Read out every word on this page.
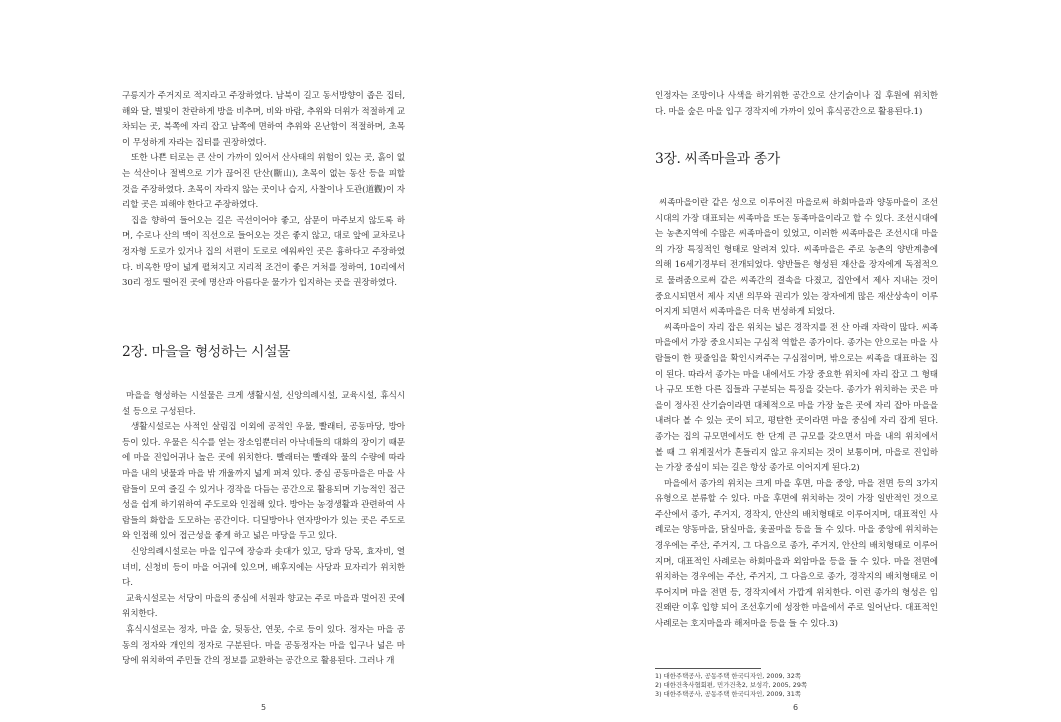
구릉지가 주거지로 적지라고 주장하였다. 남북이 길고 동서방향이 좁은 집터, 해와 달, 별빛이 찬란하게 방을 비추며, 비와 바람, 추위와 더위가 적절하게 교차되는 곳, 북쪽에 자리 잡고 남쪽에 면하여 추위와 온난함이 적절하며, 초목이 무성하게 자라는 집터를 권장하였다.

또한 나쁜 터로는 큰 산이 가까이 있어서 산사태의 위험이 있는 곳, 흙이 없는 석산이나 절벽으로 기가 끊어진 단산(斷山), 초목이 없는 동산 등을 피할 것을 주장하였다. 초목이 자라지 않는 곳이나 습지, 사찰이나 도관(道觀)이 자리할 곳은 피해야 한다고 주장하였다.

집을 향하여 들어오는 길은 곡선이어야 좋고, 삼문이 마주보지 않도록 하며, 수로나 산의 맥이 직선으로 들어오는 것은 좋지 않고, 대로 앞에 교차로나 정자형 도로가 있거나 집의 서편이 도로로 에워싸인 곳은 흉하다고 주장하였다. 비옥한 땅이 넓게 펼쳐지고 지리적 조건이 좋은 거처를 정하여, 10리에서 30리 정도 떨어진 곳에 명산과 아름다운 물가가 입지하는 곳을 권장하였다.

2장. 마을을 형성하는 시설물

마을을 형성하는 시설물은 크게 생활시설, 신앙의례시설, 교육시설, 휴식시설 등으로 구성된다.

생활시설로는 사적인 살림집 이외에 공적인 우물, 빨래터, 공동마당, 방아 등이 있다. 우물은 식수를 얻는 장소임뿐더러 아낙네들의 대화의 장이기 때문에 마을 진입어귀나 높은 곳에 위치한다. 빨래터는 빨래와 물의 수량에 따라 마을 내의 냇물과 마을 밖 개울까지 넓게 퍼져 있다. 중심 공동마을은 마을 사람들이 모여 즐길 수 있거나 경작을 다듬는 공간으로 활용되며 기능적인 접근성을 쉽게 하기위하여 주도로와 인접해 있다. 방아는 농경생활과 관련하여 사람들의 화합을 도모하는 공간이다. 디딜방아나 연자방아가 있는 곳은 주도로와 인접해 있어 접근성을 좋게 하고 넓은 마당을 두고 있다.

신앙의례시설로는 마을 입구에 장승과 솟대가 있고, 당과 당목, 효자비, 열녀비, 신청비 등이 마을 어귀에 있으며, 배후지에는 사당과 묘자리가 위치한다.

교육시설로는 서당이 마을의 중심에 서원과 향교는 주로 마을과 멀어진 곳에 위치한다.

휴식시설로는 정자, 마을 숲, 뒷동산, 연못, 수로 등이 있다. 정자는 마을 공동의 정자와 개인의 정자로 구분된다. 마을 공동정자는 마을 입구나 넓은 마당에 위치하여 주민들 간의 정보를 교환하는 공간으로 활용된다. 그러나 개

인정자는 조망이나 사색을 하기위한 공간으로 산기슭이나 집 후원에 위치한다. 마을 숲은 마을 입구 경작지에 가까이 있어 휴식공간으로 활용된다.1)

3장. 씨족마을과 종가

씨족마을이란 같은 성으로 이루어진 마을로써 하회마을과 양동마을이 조선시대의 가장 대표되는 씨족마을 또는 동족마을이라고 할 수 있다. 조선시대에는 농촌지역에 수많은 씨족마을이 있었고, 이러한 씨족마을은 조선시대 마을의 가장 특징적인 형태로 알려져 있다. 씨족마을은 주로 농촌의 양반계층에 의해 16세기경부터 전개되었다. 양반들은 형성된 재산을 장자에게 독점적으로 물려줌으로써 같은 씨족간의 결속을 다졌고, 집안에서 제사 지내는 것이 중요시되면서 제사 지낸 의무와 권리가 있는 장자에게 많은 재산상속이 이루어지게 되면서 씨족마을은 더욱 번성하게 되었다.

씨족마을이 자리 잡은 위치는 넓은 경작지를 전 산 아래 자락이 많다. 씨족마을에서 가장 중요시되는 구심적 역할은 종가이다. 종가는 안으로는 마을 사람들이 한 핏줄임을 확인시켜주는 구심점이며, 밖으로는 씨족을 대표하는 집이 된다. 따라서 종가는 마을 내에서도 가장 중요한 위치에 자리 잡고 그 형태나 규모 또한 다른 집들과 구분되는 특징을 갖는다. 종가가 위치하는 곳은 마을이 정사진 산기슭이라면 대체적으로 마을 가장 높은 곳에 자리 잡아 마을을 내려다 볼 수 있는 곳이 되고, 평탄한 곳이라면 마을 중심에 자리 잡게 된다. 종가는 집의 규모면에서도 한 단계 큰 규모를 갖으면서 마을 내의 위치에서 볼 때 그 위계질서가 흔들리지 않고 유지되는 것이 보통이며, 마을로 진입하는 가장 중심이 되는 길은 항상 종가로 이어지게 된다.2)

마을에서 종가의 위치는 크게 마을 후면, 마을 중앙, 마을 전면 등의 3가지 유형으로 분류할 수 있다. 마을 후면에 위치하는 것이 가장 일반적인 것으로 주산에서 종가, 주거지, 경작지, 안산의 배치형태로 이루어지며, 대표적인 사례로는 양동마을, 닭실마을, 옻골마을 등을 들 수 있다. 마을 중앙에 위치하는 경우에는 주산, 주거지, 그 다음으로 종가, 주거지, 안산의 배치형태로 이루어지며, 대표적인 사례로는 하회마을과 외암마을 등을 들 수 있다. 마을 전면에 위치하는 경우에는 주산, 주거지, 그 다음으로 종가, 경작지의 배치형태로 이루어지며 마을 전면 등, 경작지에서 가깝게 위치한다. 이런 종가의 형성은 임진왜란 이후 입향 되어 조선후기에 성장한 마을에서 주로 일어난다. 대표적인 사례로는 호지마을과 해저마을 등을 들 수 있다.3)

1) 대한주택공사, 공동주택 한국디자인, 2009, 32쪽

2) 대한건축사협회편, 민가건축2, 보성각, 2005, 29쪽

3) 대한주택공사, 공동주택 한국디자인, 2009, 31쪽

5	6
